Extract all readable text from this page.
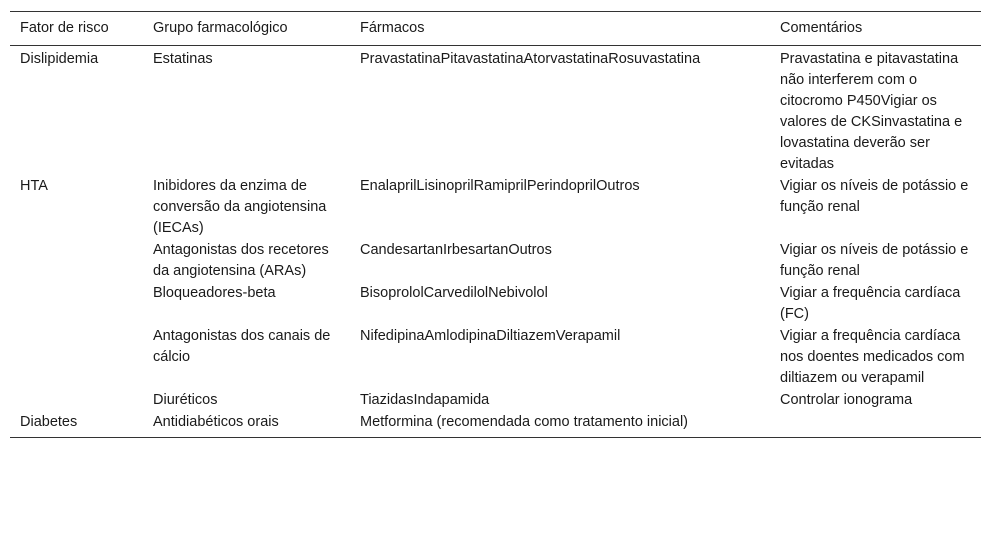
Fator de risco	Grupo farmacológico	Fármacos	Comentários
Dislipidemia	Estatinas	PravastatinaPitavastatinaAtorvastatinaRosuvastatina	Pravastatina e pitavastatina não interferem com o citocromo P450Vigiar os valores de CKSinvastatina e lovastatina deverão ser evitadas
HTA	Inibidores da enzima de conversão da angiotensina (IECAs)	EnalaprilLisinoprilRamiprilPerindoprilOutros	Vigiar os níveis de potássio e função renal
	Antagonistas dos recetores da angiotensina (ARAs)	CandesartanIrbesartanOutros	Vigiar os níveis de potássio e função renal
	Bloqueadores-beta	BisoprololCarvedilolNebivolol	Vigiar a frequência cardíaca (FC)
	Antagonistas dos canais de cálcio	NifedipinaAmlodipinaDiltiazemVerapamil	Vigiar a frequência cardíaca nos doentes medicados com diltiazem ou verapamil
	Diuréticos	TiazidasIndapamida	Controlar ionograma
Diabetes	Antidiabéticos orais	Metformina (recomendada como tratamento inicial)	
